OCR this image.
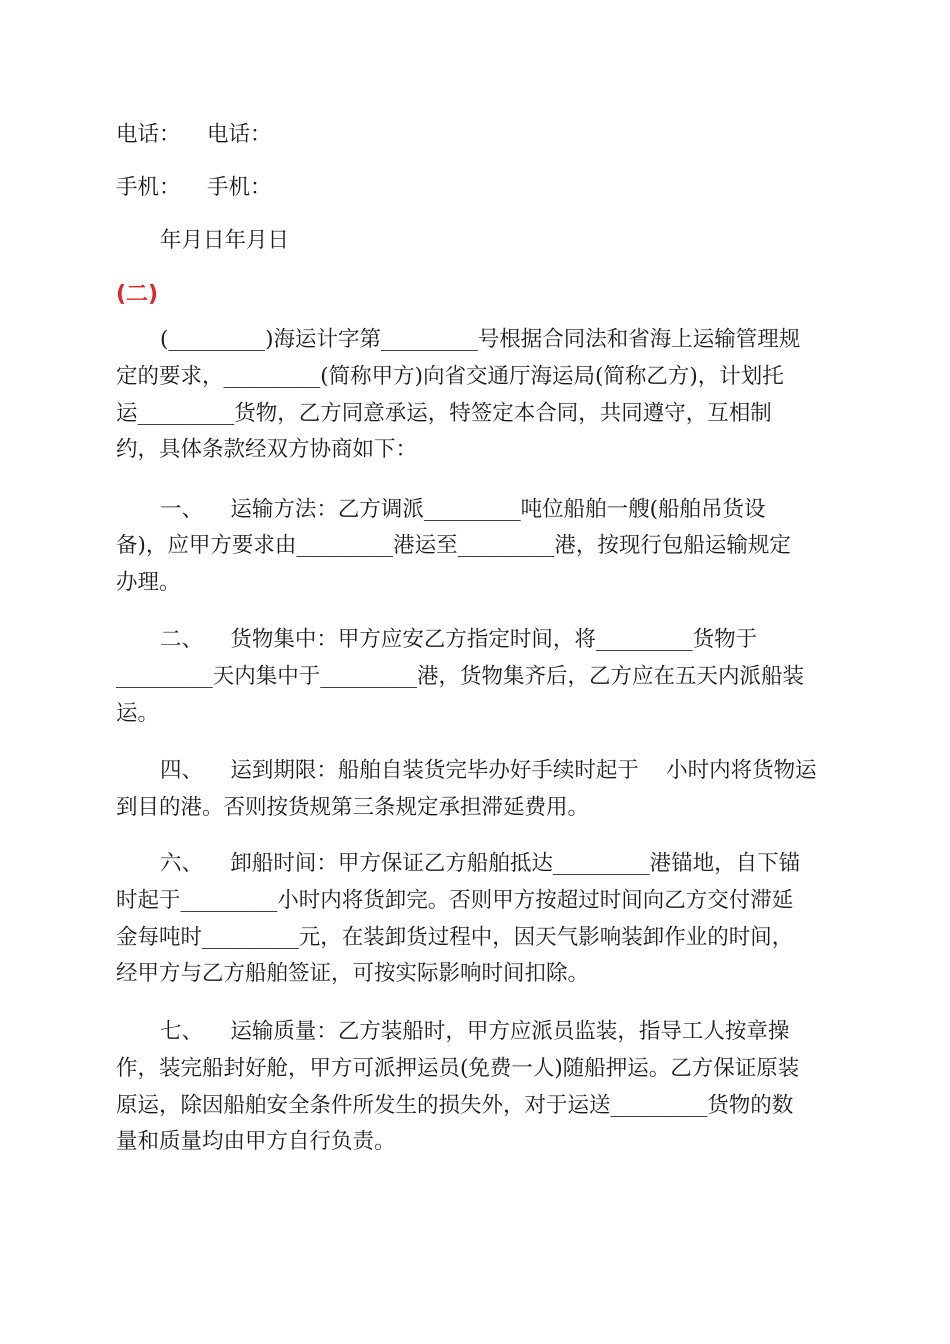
电话： 电话：
手机： 手机：
年月日年月日
(二)
(_________)海运计字第_________号根据合同法和省海上运输管理规
定的要求，_________(简称甲方)向省交通厅海运局(简称乙方)，计划托
运_________货物，乙方同意承运，特签定本合同，共同遵守，互相制
约，具体条款经双方协商如下：
一、    运输方法：乙方调派_________吨位船舶一艘(船舶吊货设
备)，应甲方要求由_________港运至_________港，按现行包船运输规定
办理。
二、    货物集中：甲方应安乙方指定时间，将_________货物于
_________天内集中于_________港，货物集齐后，乙方应在五天内派船装
运。
四、    运到期限：船舶自装货完毕办好手续时起于    小时内将货物运
到目的港。否则按货规第三条规定承担滞延费用。
六、    卸船时间：甲方保证乙方船舶抵达_________港锚地，自下锚
时起于_________小时内将货卸完。否则甲方按超过时间向乙方交付滞延
金每吨时_________元，在装卸货过程中，因天气影响装卸作业的时间，
经甲方与乙方船舶签证，可按实际影响时间扣除。
七、    运输质量：乙方装船时，甲方应派员监装，指导工人按章操
作，装完船封好舱，甲方可派押运员(免费一人)随船押运。乙方保证原装
原运，除因船舶安全条件所发生的损失外，对于运送_________货物的数
量和质量均由甲方自行负责。
